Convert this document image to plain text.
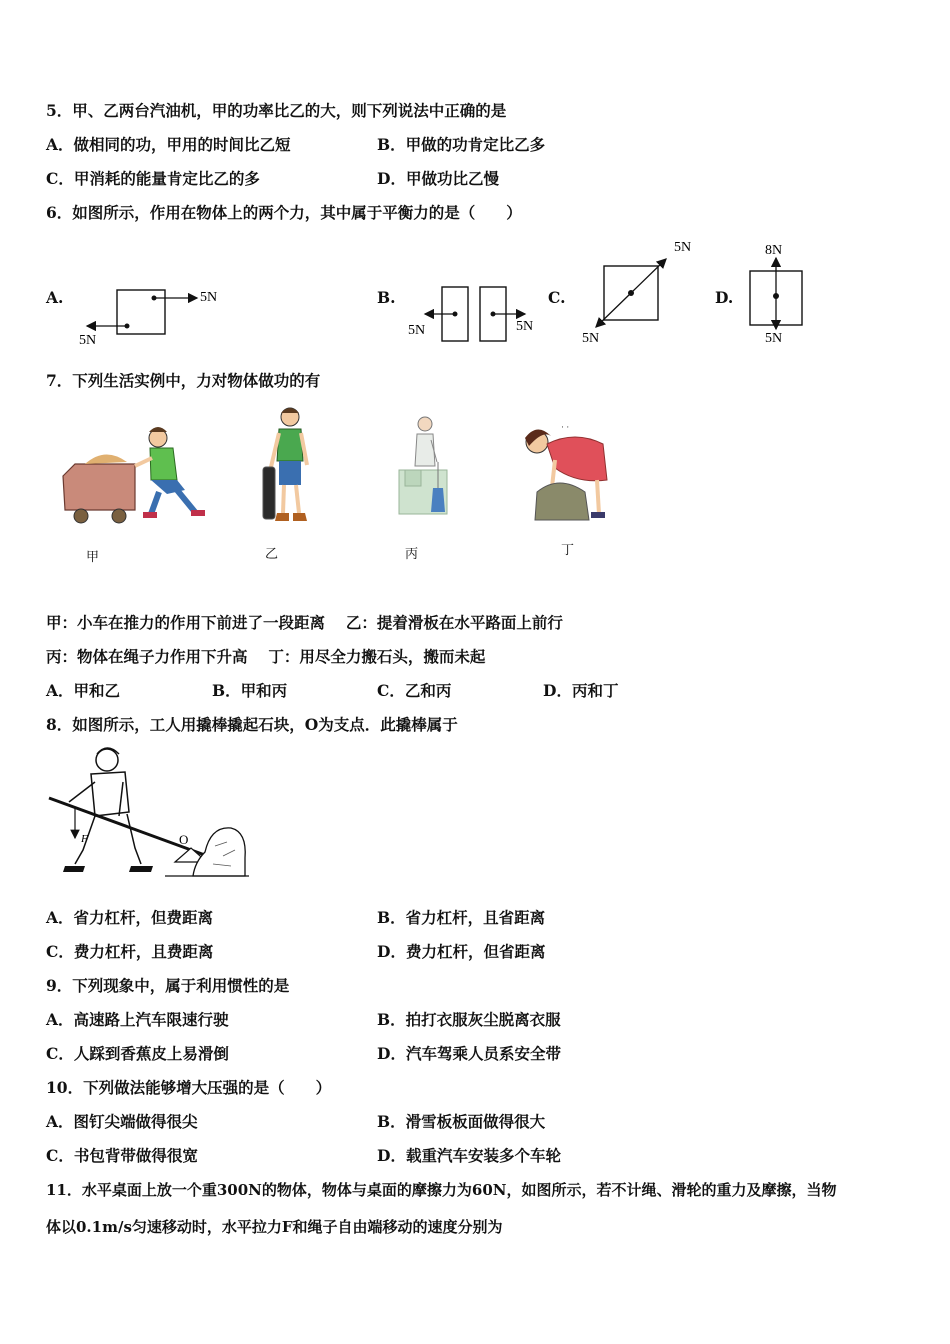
5．甲、乙两台汽油机，甲的功率比乙的大，则下列说法中正确的是
A．做相同的功，甲用的时间比乙短	B．甲做的功肯定比乙多
C．甲消耗的能量肯定比乙的多	D．甲做功比乙慢
6．如图所示，作用在物体上的两个力，其中属于平衡力的是（　　）
A.	5N
5N
B.
5N	5N
C.
5N
5N
D.
8N
5N
7．下列生活实例中，力对物体做功的有
甲	乙	丙
· ·
丁
甲：小车在推力的作用下前进了一段距离　 乙：提着滑板在水平路面上前行
丙：物体在绳子力作用下升高　 丁：用尽全力搬石头，搬而未起
A．甲和乙	B．甲和丙	C．乙和丙	D．丙和丁
8．如图所示，工人用撬棒撬起石块，O为支点．此撬棒属于
F	O
A．省力杠杆，但费距离	B．省力杠杆，且省距离
C．费力杠杆，且费距离	D．费力杠杆，但省距离
9．下列现象中，属于利用惯性的是
A．高速路上汽车限速行驶	B．拍打衣服灰尘脱离衣服
C．人踩到香蕉皮上易滑倒	D．汽车驾乘人员系安全带
10．下列做法能够增大压强的是（　　）
A．图钉尖端做得很尖	B．滑雪板板面做得很大
C．书包背带做得很宽	D．载重汽车安装多个车轮
11．水平桌面上放一个重300N的物体，物体与桌面的摩擦力为60N，如图所示，若不计绳、滑轮的重力及摩擦，当物
体以0.1m/s匀速移动时，水平拉力F和绳子自由端移动的速度分别为
